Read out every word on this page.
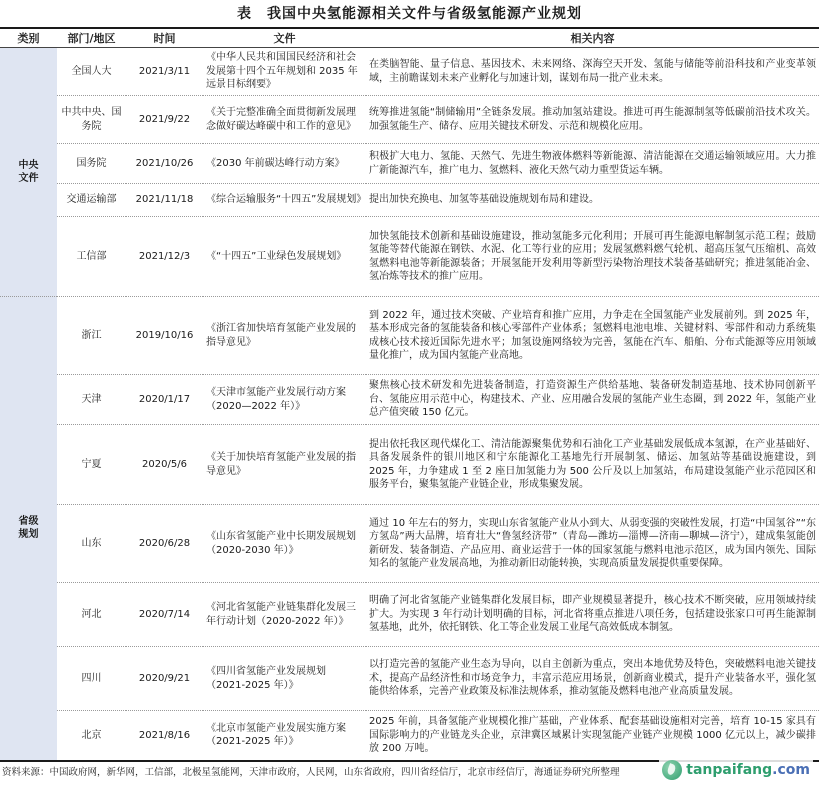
表　我国中央氢能源相关文件与省级氢能源产业规划
类别	部门/地区	时间	文件	相关内容
中央
文件	全国人大	2021/3/11	《中华人民共和国国民经济和社会发展第十四个五年规划和 2035 年远景目标纲要》	在类脑智能、量子信息、基因技术、未来网络、深海空天开发、氢能与储能等前沿科技和产业变革领域，主前瞻谋划未来产业孵化与加速计划，谋划布局一批产业未来。
	中共中央、国务院	2021/9/22	《关于完整准确全面贯彻新发展理念做好碳达峰碳中和工作的意见》	统筹推进氢能“制储输用”全链条发展。推动加氢站建设。推进可再生能源制氢等低碳前沿技术攻关。加强氢能生产、储存、应用关键技术研发、示范和规模化应用。
	国务院	2021/10/26	《2030 年前碳达峰行动方案》	积极扩大电力、氢能、天然气、先进生物液体燃料等新能源、清洁能源在交通运输领域应用。大力推广新能源汽车，推广电力、氢燃料、液化天然气动力重型货运车辆。
	交通运输部	2021/11/18	《综合运输服务“十四五”发展规划》	提出加快充换电、加氢等基础设施规划布局和建设。
	工信部	2021/12/3	《“十四五”工业绿色发展规划》	加快氢能技术创新和基础设施建设，推动氢能多元化利用；开展可再生能源电解制氢示范工程；鼓励氢能等替代能源在钢铁、水泥、化工等行业的应用；发展氢燃料燃气轮机、超高压氢气压缩机、高效氢燃料电池等新能源装备；开展氢能开发利用等新型污染物治理技术装备基础研究；推进氢能冶金、氢冶炼等技术的推广应用。
省级
规划	浙江	2019/10/16	《浙江省加快培育氢能产业发展的指导意见》	到 2022 年，通过技术突破、产业培育和推广应用，力争走在全国氢能产业发展前列。到 2025 年，基本形成完备的氢能装备和核心零部件产业体系；氢燃料电池电堆、关键材料、零部件和动力系统集成核心技术接近国际先进水平；加氢设施网络较为完善，氢能在汽车、船舶、分布式能源等应用领域量化推广，成为国内氢能产业高地。
	天津	2020/1/17	《天津市氢能产业发展行动方案（2020—2022 年）》	聚焦核心技术研发和先进装备制造，打造资源生产供给基地、装备研发制造基地、技术协同创新平台、氢能应用示范中心，构建技术、产业、应用融合发展的氢能产业生态圈，到 2022 年，氢能产业总产值突破 150 亿元。
	宁夏	2020/5/6	《关于加快培育氢能产业发展的指导意见》	提出依托我区现代煤化工、清洁能源聚集优势和石油化工产业基础发展低成本氢源，在产业基础好、具备发展条件的银川地区和宁东能源化工基地先行开展制氢、储运、加氢站等基础设施建设，到 2025 年，力争建成 1 至 2 座日加氢能力为 500 公斤及以上加氢站，布局建设氢能产业示范园区和服务平台，聚集氢能产业链企业，形成集聚发展。
	山东	2020/6/28	《山东省氢能产业中长期发展规划（2020-2030 年）》	通过 10 年左右的努力，实现山东省氢能产业从小到大、从弱变强的突破性发展，打造“中国氢谷”“东方氢岛”两大品牌，培育壮大“鲁氢经济带”（青岛—潍坊—淄博—济南—聊城—济宁），建成集氢能创新研发、装备制造、产品应用、商业运营于一体的国家氢能与燃料电池示范区，成为国内领先、国际知名的氢能产业发展高地，为推动新旧动能转换，实现高质量发展提供重要保障。
	河北	2020/7/14	《河北省氢能产业链集群化发展三年行动计划（2020-2022 年）》	明确了河北省氢能产业链集群化发展目标，即产业规模显著提升，核心技术不断突破，应用领域持续扩大。为实现 3 年行动计划明确的目标，河北省将重点推进八项任务，包括建设张家口可再生能源制氢基地，此外，依托钢铁、化工等企业发展工业尾气高效低成本制氢。
	四川	2020/9/21	《四川省氢能产业发展规划（2021-2025 年）》	以打造完善的氢能产业生态为导向，以自主创新为重点，突出本地优势及特色，突破燃料电池关键技术，提高产品经济性和市场竞争力，丰富示范应用场景，创新商业模式，提升产业装备水平，强化氢能供给体系，完善产业政策及标准法规体系，推动氢能及燃料电池产业高质量发展。
	北京	2021/8/16	《北京市氢能产业发展实施方案（2021-2025 年）》	2025 年前，具备氢能产业规模化推广基础，产业体系、配套基础设施相对完善，培育 10-15 家具有国际影响力的产业链龙头企业，京津冀区域累计实现氢能产业链产业规模 1000 亿元以上，减少碳排放 200 万吨。
资料来源：中国政府网，新华网，工信部，北极星氢能网，天津市政府，人民网，山东省政府，四川省经信厅，北京市经信厅，海通证券研究所整理	tanpaifang.com
